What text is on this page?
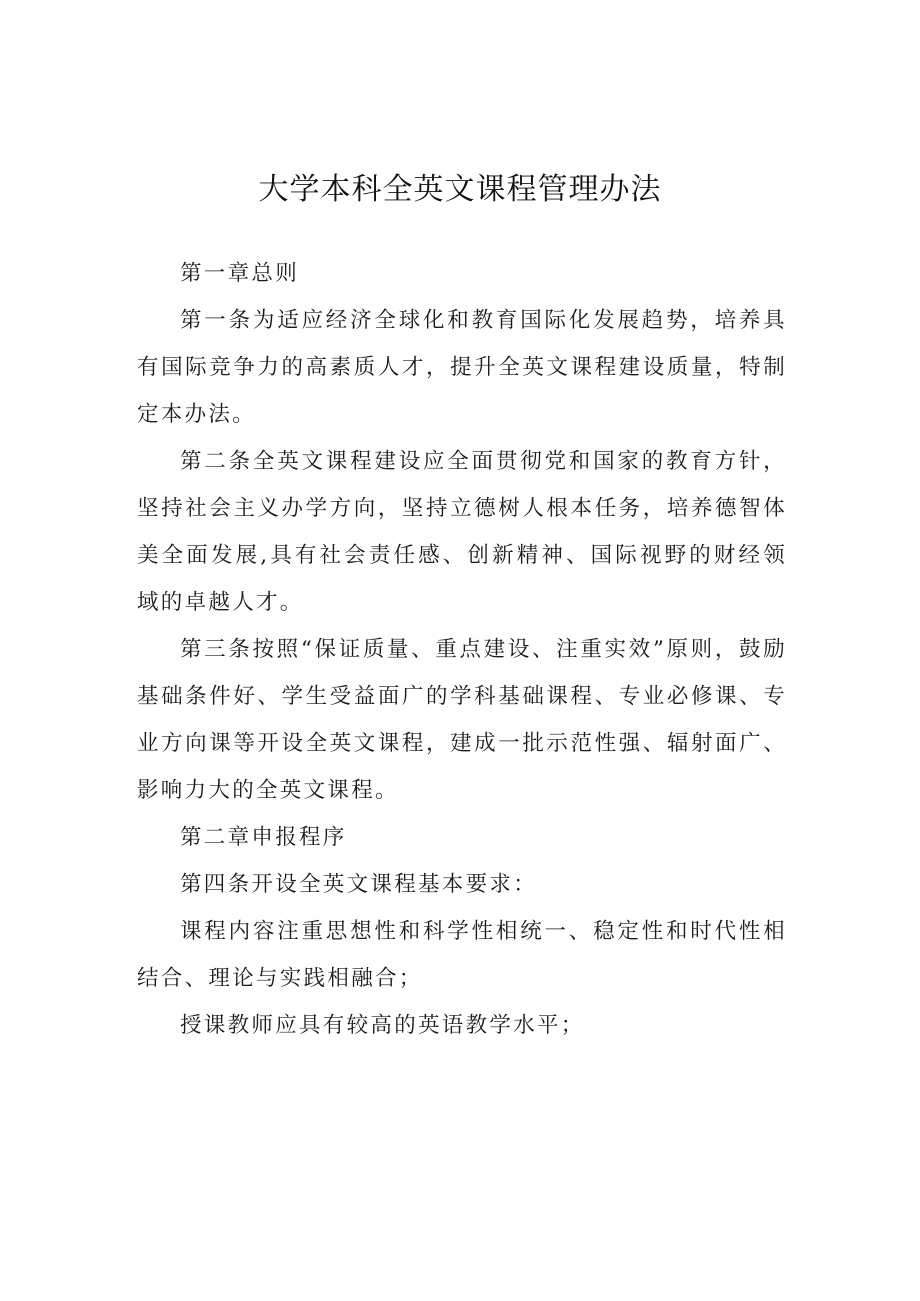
大学本科全英文课程管理办法

第一章总则

第一条为适应经济全球化和教育国际化发展趋势，培养具有国际竞争力的高素质人才，提升全英文课程建设质量，特制定本办法。

第二条全英文课程建设应全面贯彻党和国家的教育方针，坚持社会主义办学方向，坚持立德树人根本任务，培养德智体美全面发展,具有社会责任感、创新精神、国际视野的财经领域的卓越人才。

第三条按照“保证质量、重点建设、注重实效”原则，鼓励基础条件好、学生受益面广的学科基础课程、专业必修课、专业方向课等开设全英文课程，建成一批示范性强、辐射面广、影响力大的全英文课程。

第二章申报程序

第四条开设全英文课程基本要求：

课程内容注重思想性和科学性相统一、稳定性和时代性相结合、理论与实践相融合；

授课教师应具有较高的英语教学水平；
